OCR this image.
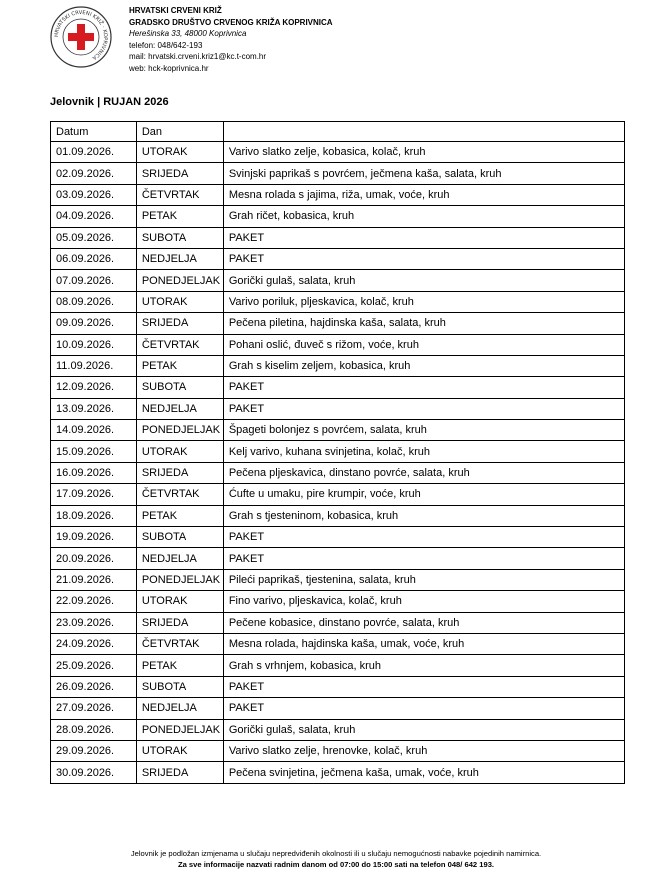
HRVATSKI CRVENI KRIŽ · KOPRIVNICA
HRVATSKI CRVENI KRIŽ
GRADSKO DRUŠTVO CRVENOG KRIŽA KOPRIVNICA
Herešinska 33, 48000 Koprivnica
telefon: 048/642-193
mail: hrvatski.crveni.kriz1@kc.t-com.hr
web: hck-koprivnica.hr
Jelovnik | RUJAN 2026
Datum	Dan	
01.09.2026.	UTORAK	Varivo slatko zelje, kobasica, kolač, kruh
02.09.2026.	SRIJEDA	Svinjski paprikaš s povrćem, ječmena kaša, salata, kruh
03.09.2026.	ČETVRTAK	Mesna rolada s jajima, riža, umak, voće, kruh
04.09.2026.	PETAK	Grah ričet, kobasica, kruh
05.09.2026.	SUBOTA	PAKET
06.09.2026.	NEDJELJA	PAKET
07.09.2026.	PONEDJELJAK	Gorički gulaš, salata, kruh
08.09.2026.	UTORAK	Varivo poriluk, pljeskavica, kolač, kruh
09.09.2026.	SRIJEDA	Pečena piletina, hajdinska kaša, salata, kruh
10.09.2026.	ČETVRTAK	Pohani oslić, đuveč s rižom, voće, kruh
11.09.2026.	PETAK	Grah s kiselim zeljem, kobasica, kruh
12.09.2026.	SUBOTA	PAKET
13.09.2026.	NEDJELJA	PAKET
14.09.2026.	PONEDJELJAK	Špageti bolonjez s povrćem, salata, kruh
15.09.2026.	UTORAK	Kelj varivo, kuhana svinjetina, kolač, kruh
16.09.2026.	SRIJEDA	Pečena pljeskavica, dinstano povrće, salata, kruh
17.09.2026.	ČETVRTAK	Ćufte u umaku, pire krumpir, voće, kruh
18.09.2026.	PETAK	Grah s tjesteninom, kobasica, kruh
19.09.2026.	SUBOTA	PAKET
20.09.2026.	NEDJELJA	PAKET
21.09.2026.	PONEDJELJAK	Pileći paprikaš, tjestenina, salata, kruh
22.09.2026.	UTORAK	Fino varivo, pljeskavica, kolač, kruh
23.09.2026.	SRIJEDA	Pečene kobasice, dinstano povrće, salata, kruh
24.09.2026.	ČETVRTAK	Mesna rolada, hajdinska kaša, umak, voće, kruh
25.09.2026.	PETAK	Grah s vrhnjem, kobasica, kruh
26.09.2026.	SUBOTA	PAKET
27.09.2026.	NEDJELJA	PAKET
28.09.2026.	PONEDJELJAK	Gorički gulaš, salata, kruh
29.09.2026.	UTORAK	Varivo slatko zelje, hrenovke, kolač, kruh
30.09.2026.	SRIJEDA	Pečena svinjetina, ječmena kaša, umak, voće, kruh
Jelovnik je podložan izmjenama u slučaju nepredviđenih okolnosti ili u slučaju nemogućnosti nabavke pojedinih namirnica.
Za sve informacije nazvati radnim danom od 07:00 do 15:00 sati na telefon 048/ 642 193.
